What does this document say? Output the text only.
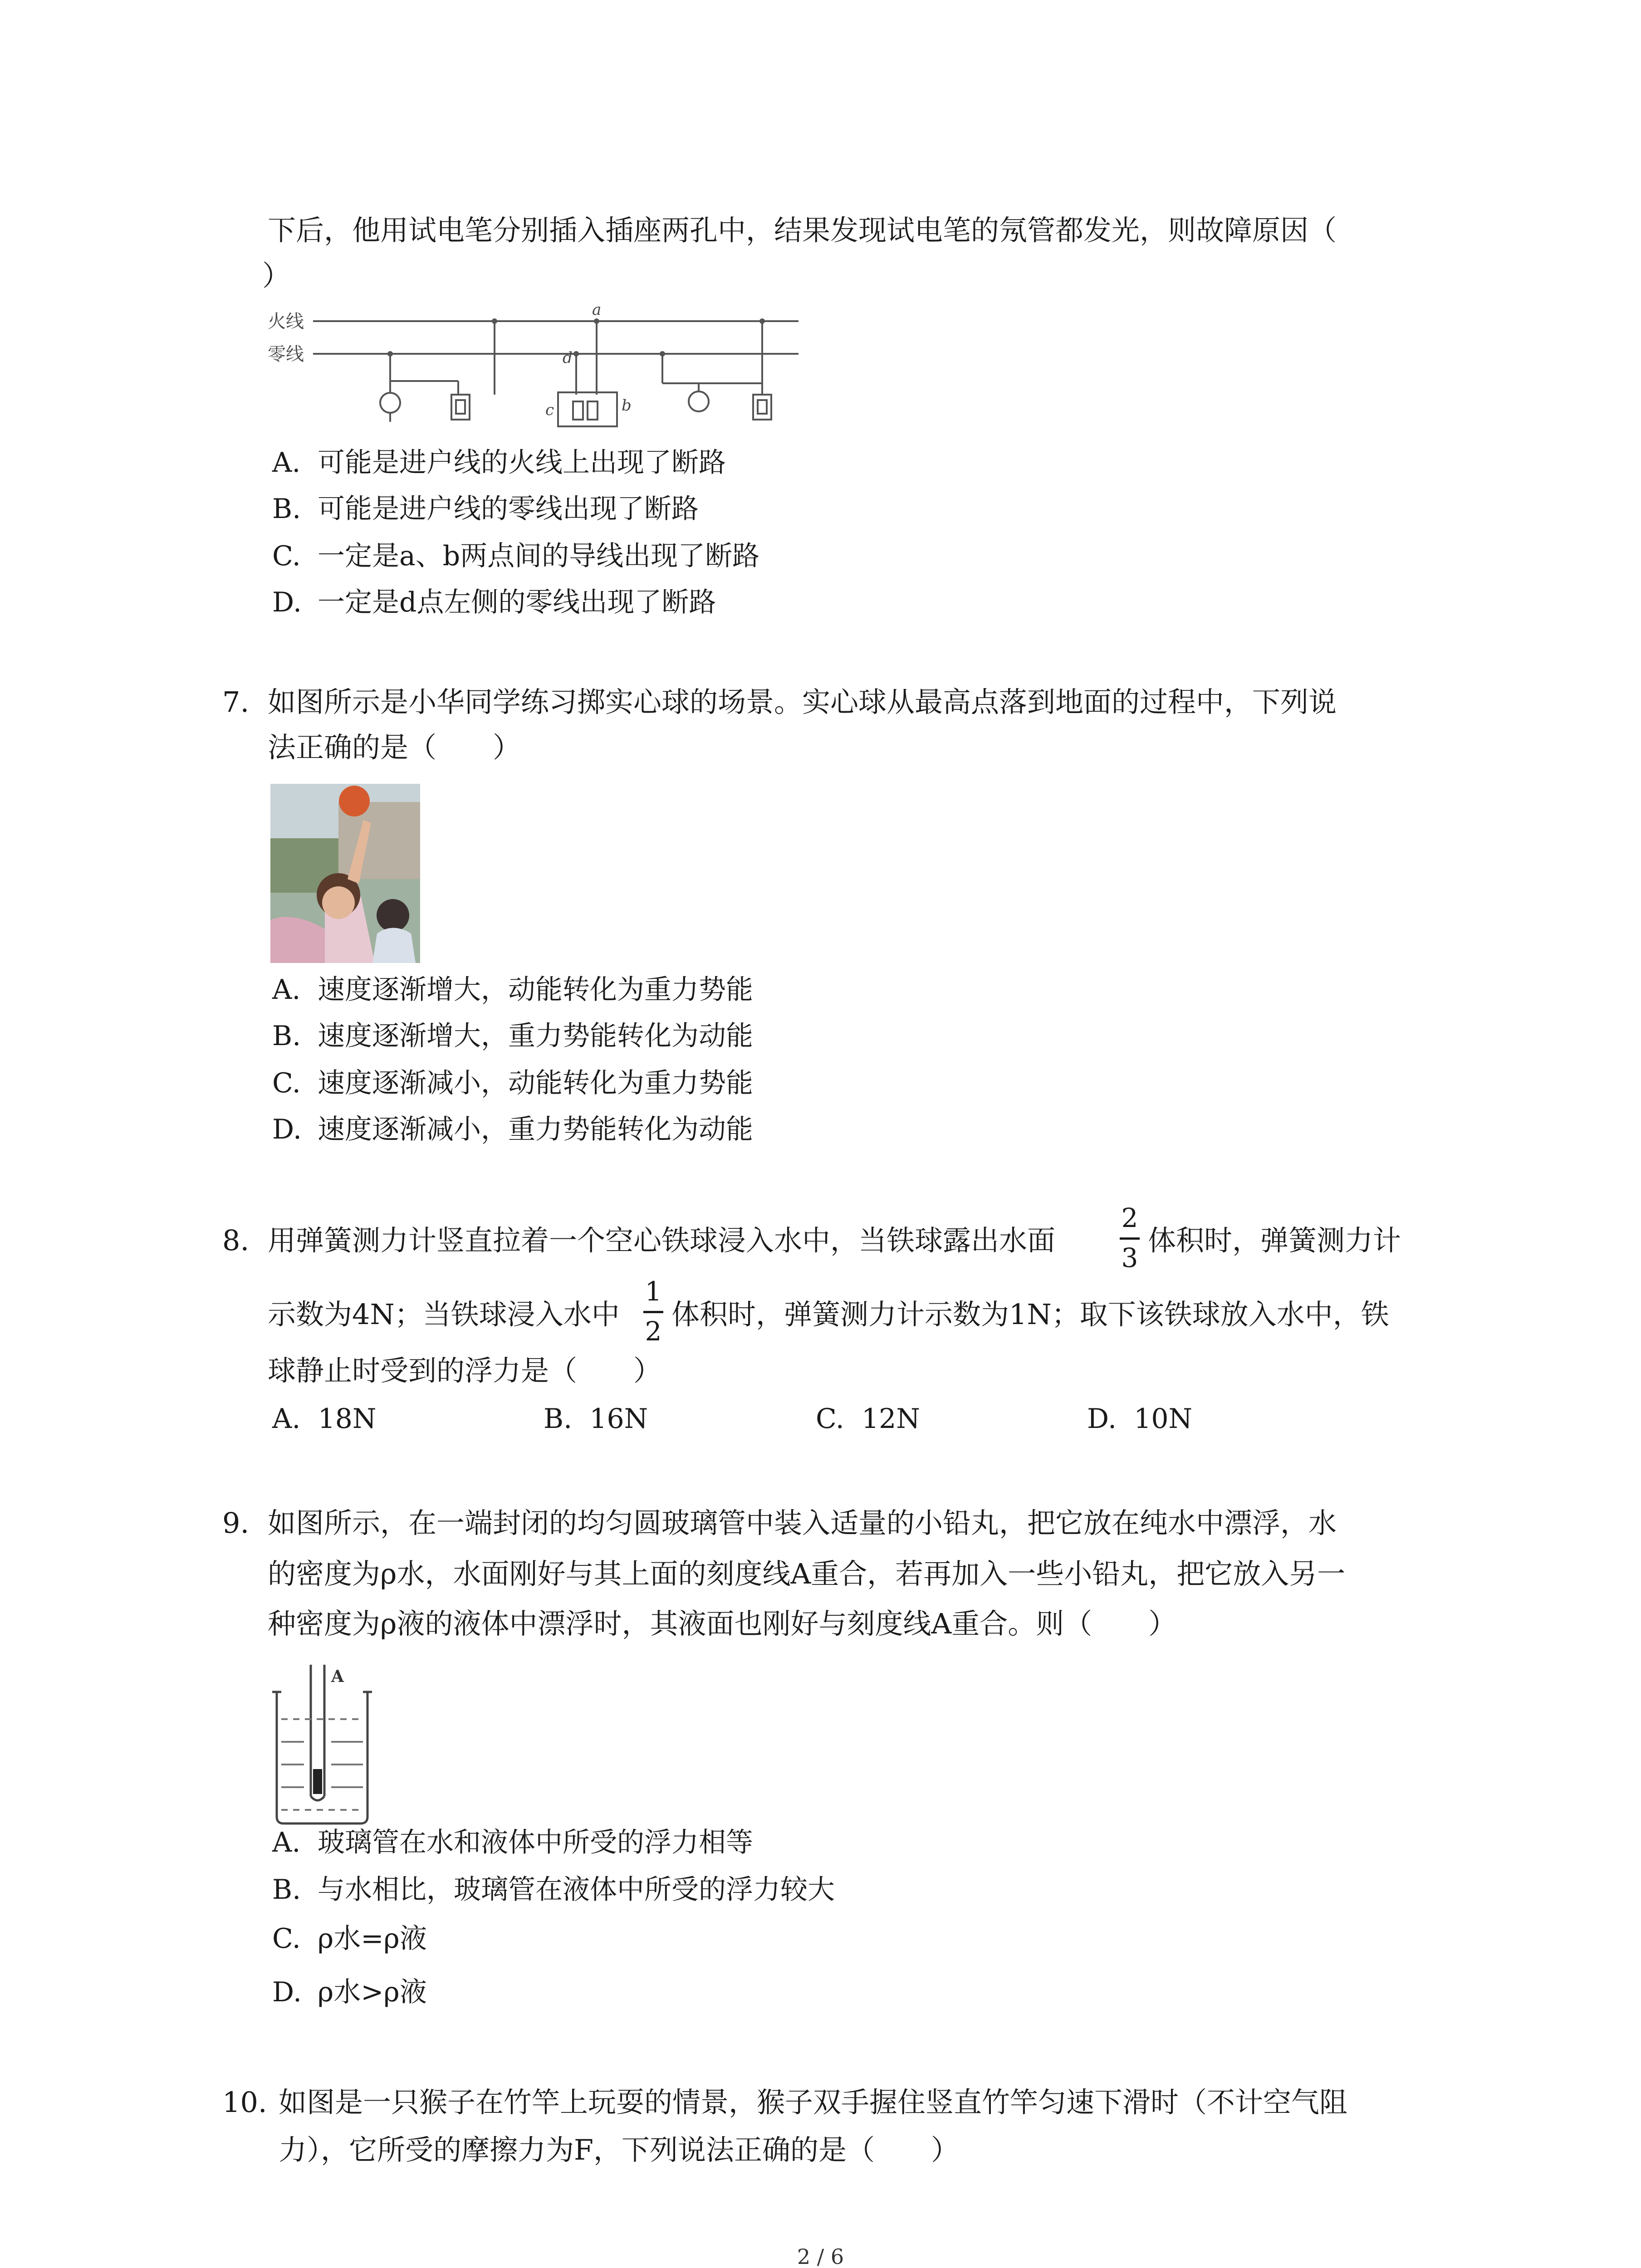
下后，他用试电笔分别插入插座两孔中，结果发现试电笔的氖管都发光，则故障原因（
）
火线
零线
a
d
c	b
A. 可能是进户线的火线上出现了断路
B. 可能是进户线的零线出现了断路
C. 一定是a、b两点间的导线出现了断路
D. 一定是d点左侧的零线出现了断路
7. 如图所示是小华同学练习掷实心球的场景。实心球从最高点落到地面的过程中，下列说
法正确的是（　　）
A. 速度逐渐增大，动能转化为重力势能
B. 速度逐渐增大，重力势能转化为动能
C. 速度逐渐减小，动能转化为重力势能
D. 速度逐渐减小，重力势能转化为动能
8. 用弹簧测力计竖直拉着一个空心铁球浸入水中，当铁球露出水面
2
3
体积时，弹簧测力计
示数为4N；当铁球浸入水中
1
2
体积时，弹簧测力计示数为1N；取下该铁球放入水中，铁
球静止时受到的浮力是（　　）
A. 18N	B. 16N	C. 12N	D. 10N
9. 如图所示，在一端封闭的均匀圆玻璃管中装入适量的小铅丸，把它放在纯水中漂浮，水
的密度为ρ水，水面刚好与其上面的刻度线A重合，若再加入一些小铅丸，把它放入另一
种密度为ρ液的液体中漂浮时，其液面也刚好与刻度线A重合。则（　　）
A
A. 玻璃管在水和液体中所受的浮力相等
B. 与水相比，玻璃管在液体中所受的浮力较大
C. ρ水=ρ液
D. ρ水>ρ液
10. 如图是一只猴子在竹竿上玩耍的情景，猴子双手握住竖直竹竿匀速下滑时（不计空气阻
力），它所受的摩擦力为F，下列说法正确的是（　　）
2 / 6
